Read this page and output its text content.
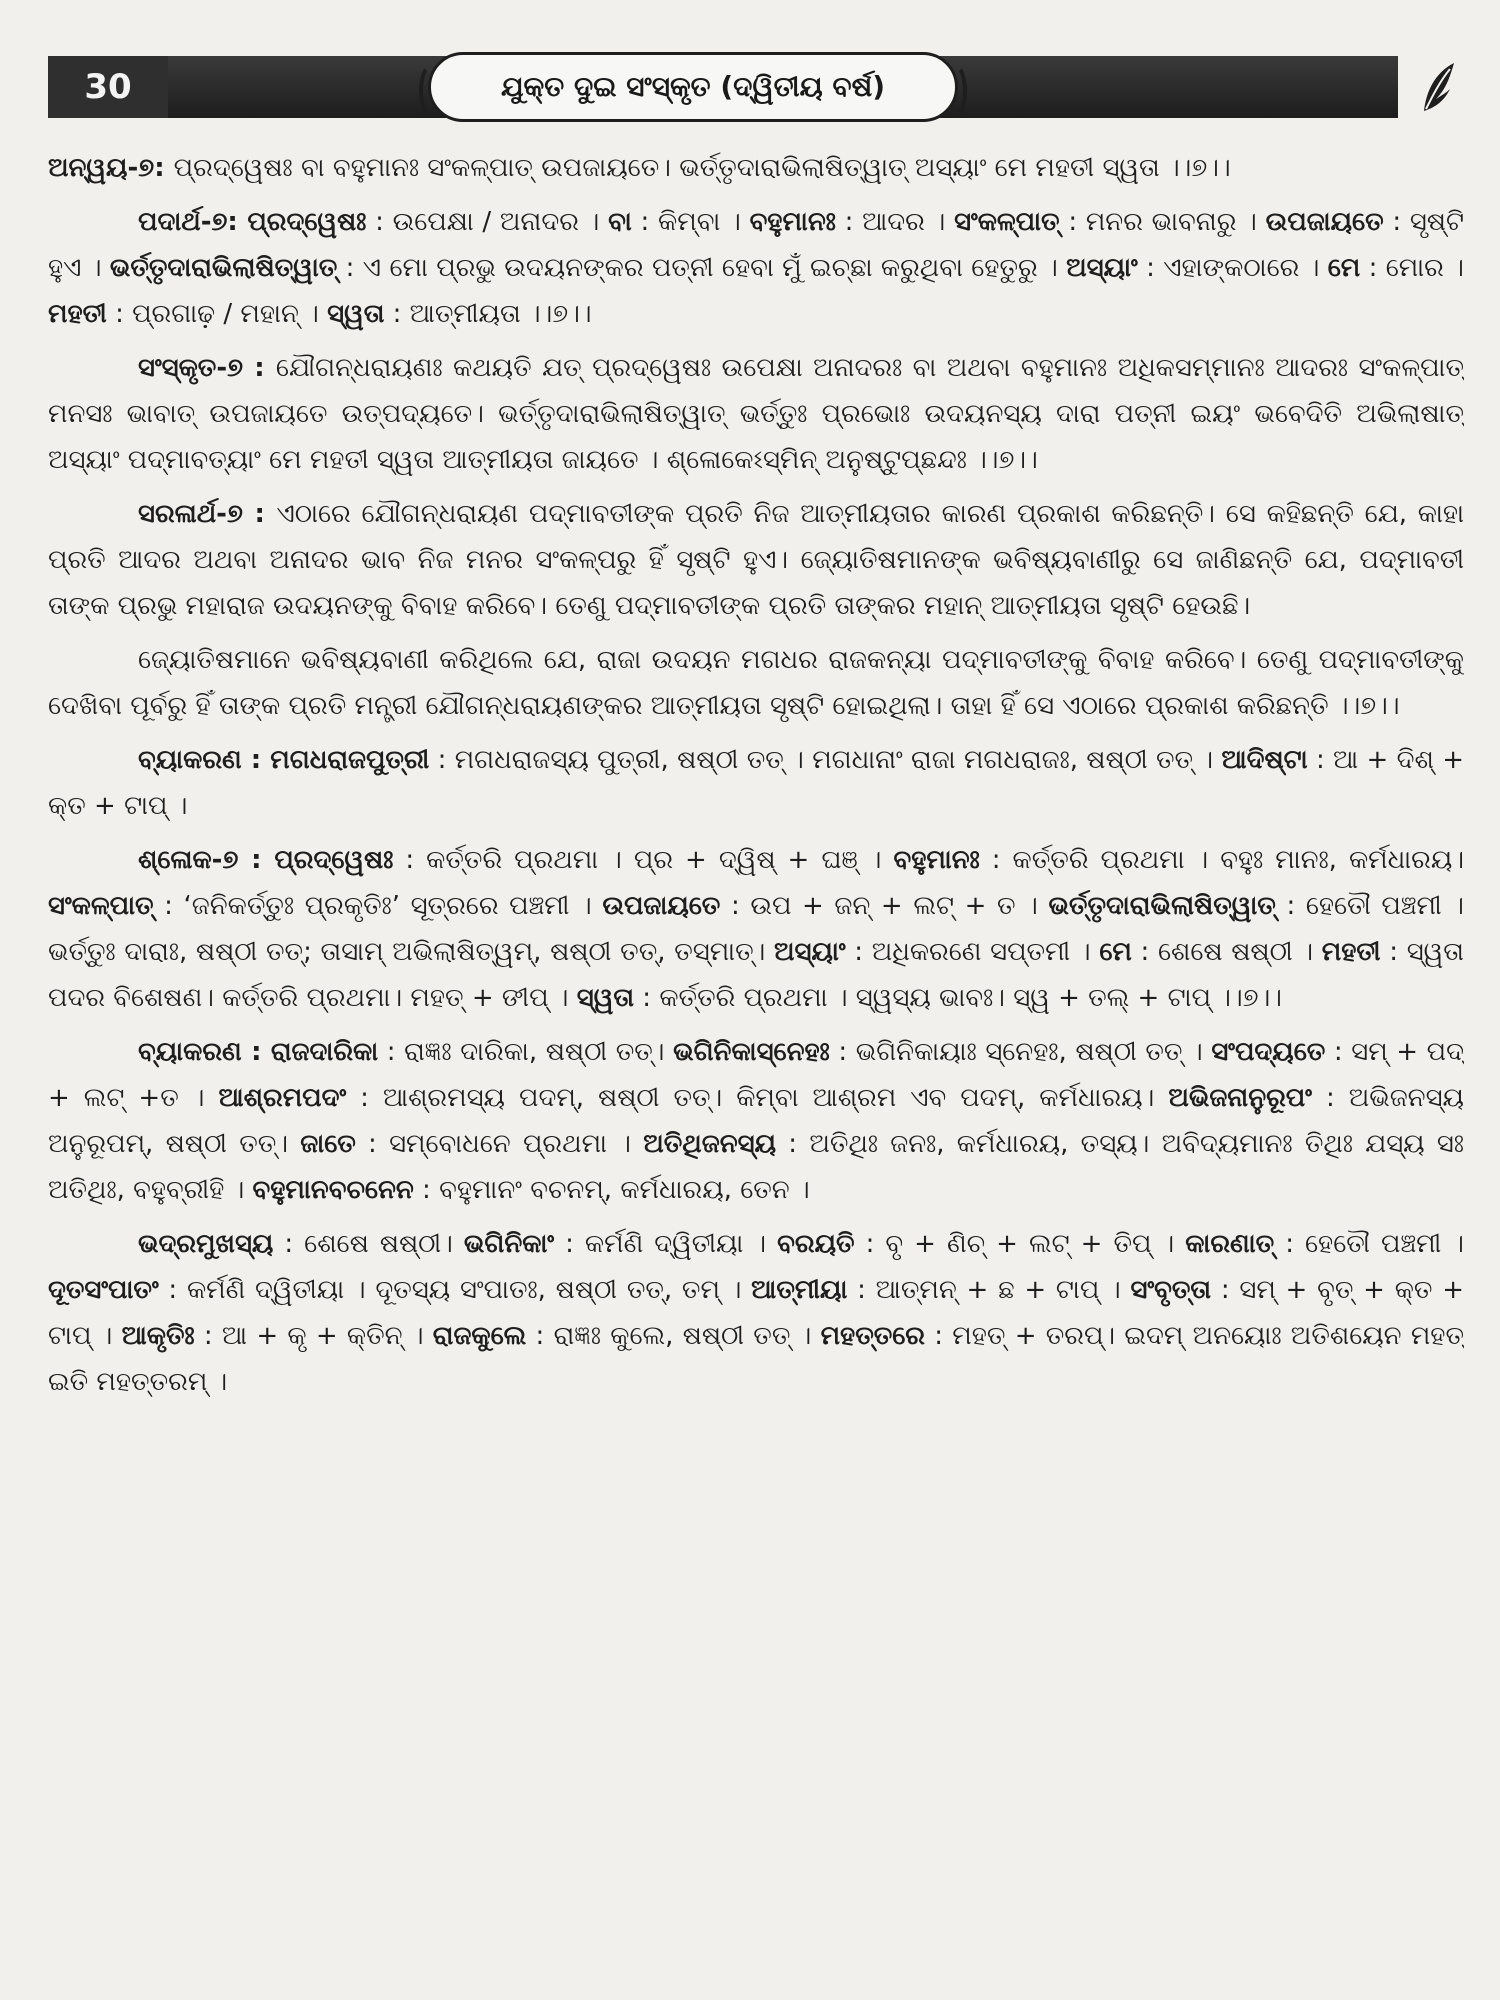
30	ଯୁକ୍ତ ଦୁଇ ସଂସ୍କୃତ (ଦ୍ୱିତୀୟ ବର୍ଷ)

ଅନ୍ୱୟ-୭: ପ୍ରଦ୍ୱେଷଃ ବା ବହୁମାନଃ ସଂକଳ୍ପାତ୍ ଉପଜାୟତେ। ଭର୍ତ୍ତୃଦାରାଭିଲାଷିତ୍ୱାତ୍ ଅସ୍ୟାଂ ମେ ମହତୀ ସ୍ୱତା ।।୭।।

ପଦାର୍ଥ-୭: ପ୍ରଦ୍ୱେଷଃ : ଉପେକ୍ଷା / ଅନାଦର । ବା : କିମ୍ବା । ବହୁମାନଃ : ଆଦର । ସଂକଳ୍ପାତ୍ : ମନର ଭାବନାରୁ । ଉପଜାୟତେ : ସୃଷ୍ଟି ହୁଏ । ଭର୍ତ୍ତୃଦାରାଭିଲାଷିତ୍ୱାତ୍ : ଏ ମୋ ପ୍ରଭୁ ଉଦୟନଙ୍କର ପତ୍ନୀ ହେବା ମୁଁ ଇଚ୍ଛା କରୁଥିବା ହେତୁରୁ । ଅସ୍ୟାଂ : ଏହାଙ୍କଠାରେ । ମେ : ମୋର । ମହତୀ : ପ୍ରଗାଢ଼ / ମହାନ୍ । ସ୍ୱତା : ଆତ୍ମୀୟତା ।।୭।।

ସଂସ୍କୃତ-୭ : ଯୌଗନ୍ଧରାୟଣଃ କଥୟତି ଯତ୍ ପ୍ରଦ୍ୱେଷଃ ଉପେକ୍ଷା ଅନାଦରଃ ବା ଅଥବା ବହୁମାନଃ ଅଧିକସମ୍ମାନଃ ଆଦରଃ ସଂକଳ୍ପାତ୍ ମନସଃ ଭାବାତ୍ ଉପଜାୟତେ ଉତ୍ପଦ୍ୟତେ। ଭର୍ତ୍ତୃଦାରାଭିଲାଷିତ୍ୱାତ୍ ଭର୍ତ୍ତୁଃ ପ୍ରଭୋଃ ଉଦୟନସ୍ୟ ଦାରା ପତ୍ନୀ ଇୟଂ ଭବେଦିତି ଅଭିଲାଷାତ୍ ଅସ୍ୟାଂ ପଦ୍ମାବତ୍ୟାଂ ମେ ମହତୀ ସ୍ୱତା ଆତ୍ମୀୟତା ଜାୟତେ । ଶ୍ଳୋକେଽସ୍ମିନ୍ ଅନୁଷ୍ଟୁପ୍ଛନ୍ଦଃ ।।୭।।

ସରଳାର୍ଥ-୭ : ଏଠାରେ ଯୌଗନ୍ଧରାୟଣ ପଦ୍ମାବତୀଙ୍କ ପ୍ରତି ନିଜ ଆତ୍ମୀୟତାର କାରଣ ପ୍ରକାଶ କରିଛନ୍ତି। ସେ କହିଛନ୍ତି ଯେ, କାହା ପ୍ରତି ଆଦର ଅଥବା ଅନାଦର ଭାବ ନିଜ ମନର ସଂକଳ୍ପରୁ ହିଁ ସୃଷ୍ଟି ହୁଏ। ଜ୍ୟୋତିଷମାନଙ୍କ ଭବିଷ୍ୟବାଣୀରୁ ସେ ଜାଣିଛନ୍ତି ଯେ, ପଦ୍ମାବତୀ ତାଙ୍କ ପ୍ରଭୁ ମହାରାଜ ଉଦୟନଙ୍କୁ ବିବାହ କରିବେ। ତେଣୁ ପଦ୍ମାବତୀଙ୍କ ପ୍ରତି ତାଙ୍କର ମହାନ୍ ଆତ୍ମୀୟତା ସୃଷ୍ଟି ହେଉଛି।

ଜ୍ୟୋତିଷମାନେ ଭବିଷ୍ୟବାଣୀ କରିଥିଲେ ଯେ, ରାଜା ଉଦୟନ ମଗଧର ରାଜକନ୍ୟା ପଦ୍ମାବତୀଙ୍କୁ ବିବାହ କରିବେ। ତେଣୁ ପଦ୍ମାବତୀଙ୍କୁ ଦେଖିବା ପୂର୍ବରୁ ହିଁ ତାଙ୍କ ପ୍ରତି ମନ୍ତ୍ରୀ ଯୌଗନ୍ଧରାୟଣଙ୍କର ଆତ୍ମୀୟତା ସୃଷ୍ଟି ହୋଇଥିଲା। ତାହା ହିଁ ସେ ଏଠାରେ ପ୍ରକାଶ କରିଛନ୍ତି ।।୭।।

ବ୍ୟାକରଣ : ମଗଧରାଜପୁତ୍ରୀ : ମଗଧରାଜସ୍ୟ ପୁତ୍ରୀ, ଷଷ୍ଠୀ ତତ୍ । ମଗଧାନାଂ ରାଜା ମଗଧରାଜଃ, ଷଷ୍ଠୀ ତତ୍ । ଆଦିଷ୍ଟା : ଆ + ଦିଶ୍ + କ୍ତ + ଟାପ୍ ।

ଶ୍ଳୋକ-୭ : ପ୍ରଦ୍ୱେଷଃ : କର୍ତ୍ତରି ପ୍ରଥମା । ପ୍ର + ଦ୍ୱିଷ୍ + ଘଞ୍ । ବହୁମାନଃ : କର୍ତ୍ତରି ପ୍ରଥମା । ବହୁଃ ମାନଃ, କର୍ମଧାରୟ। ସଂକଳ୍ପାତ୍ : ‘ଜନିକର୍ତ୍ତୁଃ ପ୍ରକୃତିଃ’ ସୂତ୍ରରେ ପଞ୍ଚମୀ । ଉପଜାୟତେ : ଉପ + ଜନ୍ + ଲଟ୍ + ତ । ଭର୍ତ୍ତୃଦାରାଭିଲାଷିତ୍ୱାତ୍ : ହେତୌ ପଞ୍ଚମୀ । ଭର୍ତ୍ତୁଃ ଦାରାଃ, ଷଷ୍ଠୀ ତତ୍; ତାସାମ୍ ଅଭିଲାଷିତ୍ୱମ୍, ଷଷ୍ଠୀ ତତ୍, ତସ୍ମାତ୍। ଅସ୍ୟାଂ : ଅଧିକରଣେ ସପ୍ତମୀ । ମେ : ଶେଷେ ଷଷ୍ଠୀ । ମହତୀ : ସ୍ୱତା ପଦର ବିଶେଷଣ। କର୍ତ୍ତରି ପ୍ରଥମା। ମହତ୍ + ଙୀପ୍ । ସ୍ୱତା : କର୍ତ୍ତରି ପ୍ରଥମା । ସ୍ୱସ୍ୟ ଭାବଃ। ସ୍ୱ + ତଲ୍ + ଟାପ୍ ।।୭।।

ବ୍ୟାକରଣ : ରାଜଦାରିକା : ରାଜ୍ଞଃ ଦାରିକା, ଷଷ୍ଠୀ ତତ୍। ଭଗିନିକାସ୍ନେହଃ : ଭଗିନିକାୟାଃ ସ୍ନେହଃ, ଷଷ୍ଠୀ ତତ୍ । ସଂପଦ୍ୟତେ : ସମ୍ + ପଦ୍ + ଲଟ୍ +ତ । ଆଶ୍ରମପଦଂ : ଆଶ୍ରମସ୍ୟ ପଦମ୍, ଷଷ୍ଠୀ ତତ୍। କିମ୍ବା ଆଶ୍ରମ ଏବ ପଦମ୍, କର୍ମଧାରୟ। ଅଭିଜନାନୁରୂପଂ : ଅଭିଜନସ୍ୟ ଅନୁରୂପମ୍, ଷଷ୍ଠୀ ତତ୍। ଜାତେ : ସମ୍ବୋଧନେ ପ୍ରଥମା । ଅତିଥିଜନସ୍ୟ : ଅତିଥିଃ ଜନଃ, କର୍ମଧାରୟ, ତସ୍ୟ। ଅବିଦ୍ୟମାନଃ ତିଥିଃ ଯସ୍ୟ ସଃ ଅତିଥିଃ, ବହୁବ୍ରୀହି । ବହୁମାନବଚନେନ : ବହୁମାନଂ ବଚନମ୍, କର୍ମଧାରୟ, ତେନ ।

ଭଦ୍ରମୁଖସ୍ୟ : ଶେଷେ ଷଷ୍ଠୀ। ଭଗିନିକାଂ : କର୍ମଣି ଦ୍ୱିତୀୟା । ବରୟତି : ବୃ + ଣିଚ୍ + ଲଟ୍ + ତିପ୍ । କାରଣାତ୍ : ହେତୌ ପଞ୍ଚମୀ । ଦୂତସଂପାତଂ : କର୍ମଣି ଦ୍ୱିତୀୟା । ଦୂତସ୍ୟ ସଂପାତଃ, ଷଷ୍ଠୀ ତତ୍, ତମ୍ । ଆତ୍ମୀୟା : ଆତ୍ମନ୍ + ଛ + ଟାପ୍ । ସଂବୃତ୍ତା : ସମ୍ + ବୃତ୍ + କ୍ତ + ଟାପ୍ । ଆକୃତିଃ : ଆ + କୃ + କ୍ତିନ୍ । ରାଜକୁଲେ : ରାଜ୍ଞଃ କୁଲେ, ଷଷ୍ଠୀ ତତ୍ । ମହତ୍ତରେ : ମହତ୍ + ତରପ୍। ଇଦମ୍ ଅନୟୋଃ ଅତିଶୟେନ ମହତ୍ ଇତି ମହତ୍ତରମ୍ ।
